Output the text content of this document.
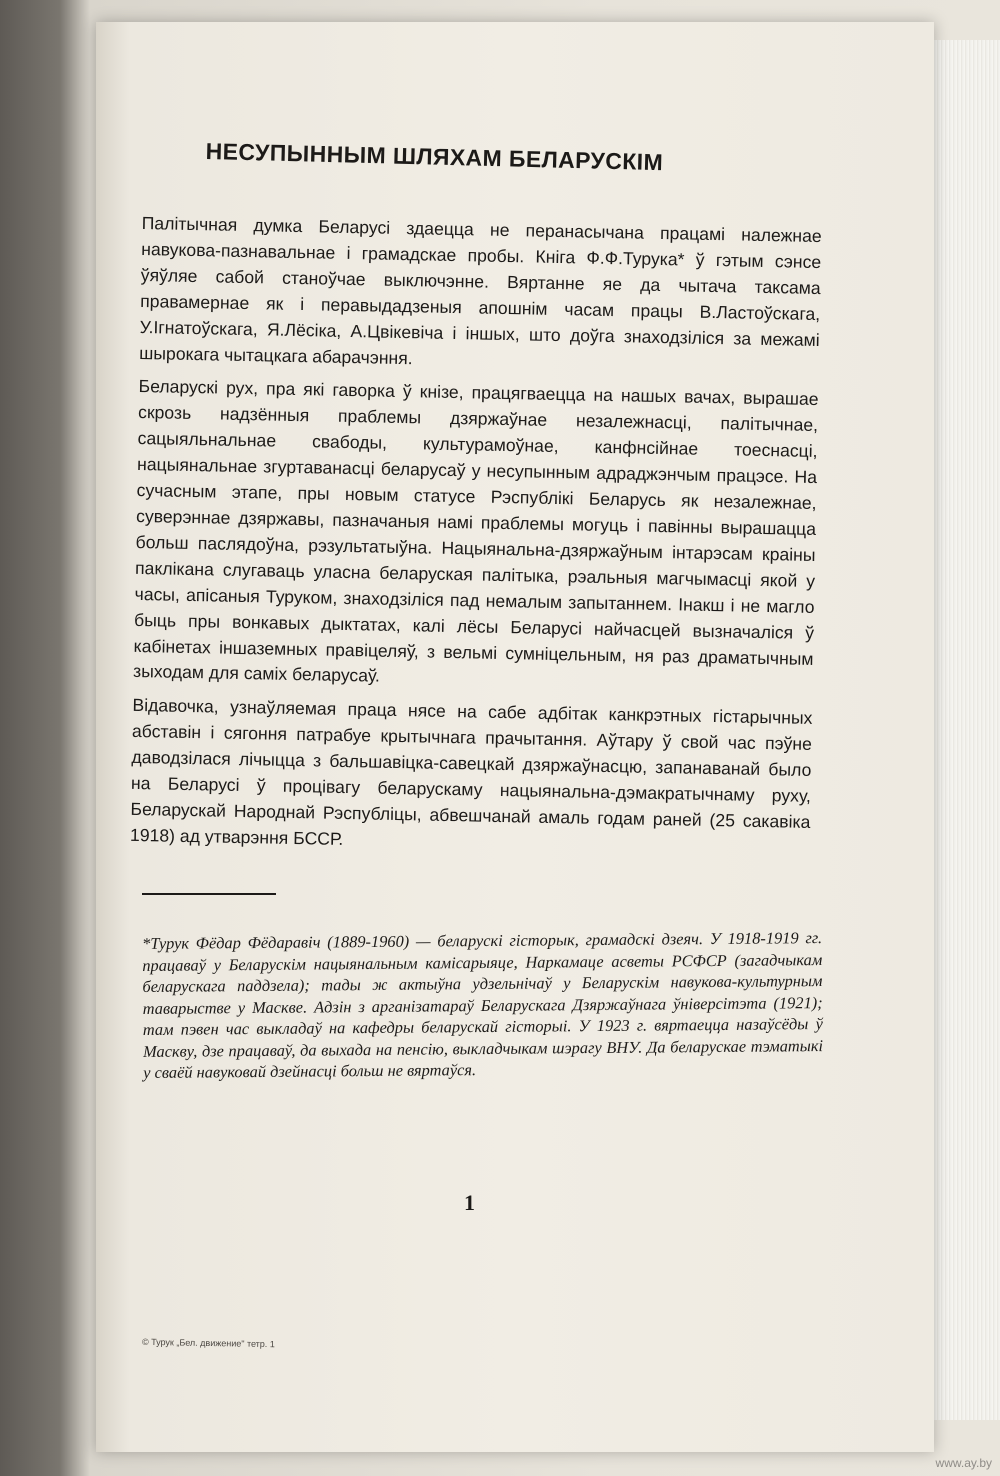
НЕСУПЫННЫМ ШЛЯХАМ БЕЛАРУСКІМ

Палітычная думка Беларусі здаецца не перанасычана працамі належнае навукова-пазнавальнае і грамадскае пробы. Кніга Ф.Ф.Турука* ў гэтым сэнсе ўяўляе сабой станоўчае выключэнне. Вяртанне яе да чытача таксама правамернае як і перавыдадзеныя апошнім часам працы В.Ластоўскага, У.Ігнатоўскага, Я.Лёсіка, А.Цвікевіча і іншых, што доўга знаходзіліся за межамі шырокага чытацкага абарачэння.

Беларускі рух, пра які гаворка ў кнізе, працягваецца на нашых вачах, вырашае скрозь надзённыя праблемы дзяржаўнае незалежнасці, палітычнае, сацыяльнальнае свабоды, культурамоўнае, канфнсійнае тоеснасці, нацыянальнае згуртаванасці беларусаў у несупынным адраджэнчым працэсе. На сучасным этапе, пры новым статусе Рэспублікі Беларусь як незалежнае, суверэннае дзяржавы, пазначаныя намі праблемы могуць і павінны вырашацца больш паслядоўна, рэзультатыўна. Нацыянальна-дзяржаўным інтарэсам краіны паклікана слугаваць уласна беларуская палітыка, рэальныя магчымасці якой у часы, апісаныя Туруком, знаходзіліся пад немалым запытаннем. Інакш і не магло быць пры вонкавых дыктатах, калі лёсы Беларусі найчасцей вызначаліся ў кабінетах іншаземных правіцеляў, з вельмі сумніцельным, ня раз драматычным зыходам для саміх беларусаў.

Відавочка, узнаўляемая праца нясе на сабе адбітак канкрэтных гістарычных абставін і сягоння патрабуе крытычнага прачытання. Аўтару ў свой час пэўне даводзілася лічыцца з бальшавіцка-савецкай дзяржаўнасцю, запанаванай было на Беларусі ў процівагу беларускаму нацыянальна-дэмакратычнаму руху, Беларускай Народнай Рэспубліцы, абвешчанай амаль годам раней (25 сакавіка 1918) ад утварэння БССР.

*Турук Фёдар Фёдаравіч (1889-1960) — беларускі гісторык, грамадскі дзеяч. У 1918-1919 гг. працаваў у Беларускім нацыянальным камісарыяце, Наркамаце асветы РСФСР (загадчыкам беларускага паддзела); тады ж актыўна удзельнічаў у Беларускім навукова-культурным таварыстве у Маскве. Адзін з арганізатараў Беларускага Дзяржаўнага ўніверсітэта (1921); там пэвен час выкладаў на кафедры беларускай гісторыі. У 1923 г. вяртаецца назаўсёды ў Маскву, дзе працаваў, да выхада на пенсію, выкладчыкам шэрагу ВНУ. Да беларускае тэматыкі у сваёй навуковай дзейнасці больш не вяртаўся.

1
© Турук „Бел. движение" тетр. 1
www.ay.by
